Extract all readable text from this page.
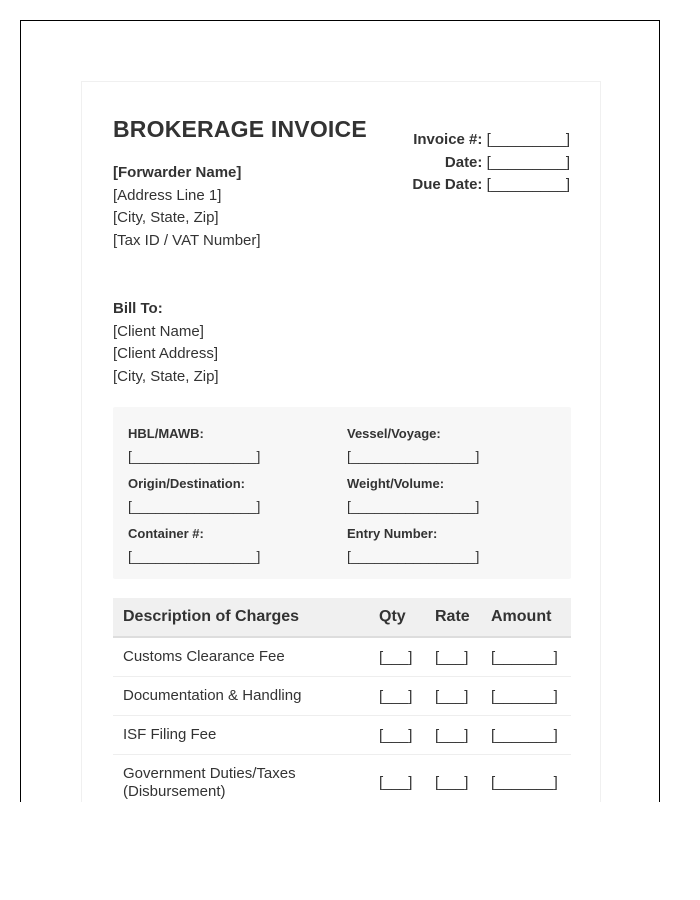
BROKERAGE INVOICE	Invoice #: [_________]
Date: [_________]
Due Date: [_________]
[Forwarder Name]
[Address Line 1]
[City, State, Zip]
[Tax ID / VAT Number]
Bill To:
[Client Name]
[Client Address]
[City, State, Zip]
HBL/MAWB:
[________________]
Vessel/Voyage:
[________________]
Origin/Destination:
[________________]
Weight/Volume:
[________________]
Container #:
[________________]
Entry Number:
[________________]
Description of Charges	Qty	Rate	Amount
Customs Clearance Fee	[___]	[___]	[_______]
Documentation & Handling	[___]	[___]	[_______]
ISF Filing Fee	[___]	[___]	[_______]
Government Duties/Taxes (Disbursement)	[___]	[___]	[_______]
